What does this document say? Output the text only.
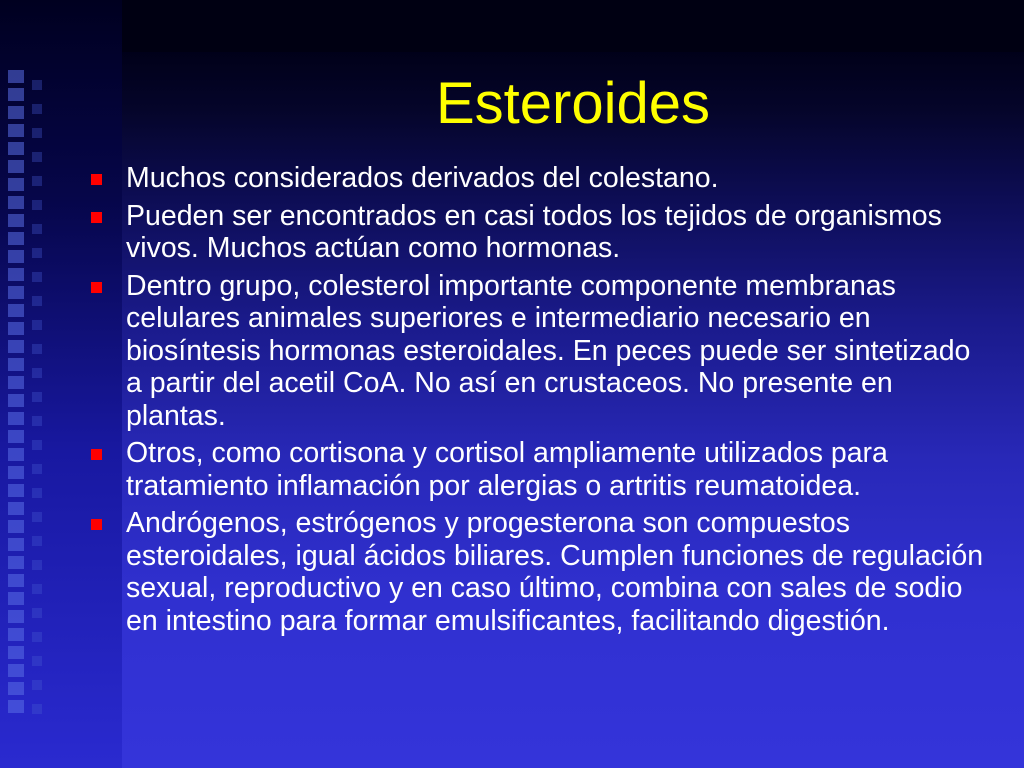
Esteroides
Muchos considerados derivados del colestano.
Pueden ser encontrados en casi todos los tejidos de organismos vivos. Muchos actúan como hormonas.
Dentro grupo, colesterol importante componente membranas celulares animales superiores e intermediario necesario en biosíntesis hormonas esteroidales. En peces puede ser sintetizado a partir del acetil CoA. No así en crustaceos. No presente en plantas.
Otros, como cortisona y cortisol ampliamente utilizados para tratamiento inflamación por alergias o artritis reumatoidea.
Andrógenos, estrógenos y progesterona son compuestos esteroidales, igual ácidos biliares. Cumplen funciones de regulación sexual, reproductivo y en caso último, combina con sales de sodio en intestino para formar emulsificantes, facilitando digestión.
